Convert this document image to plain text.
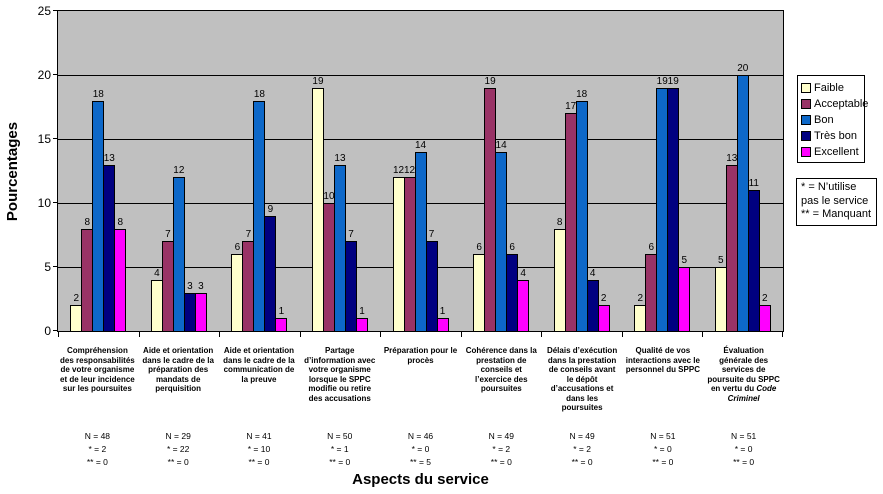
Pourcentages
25
20
15
10
5
0
2
8
18
13
8
4
7
12
3 3
6
7
18
9
1
19
10
13
7
1
12 12
14
7
1
6
19
14
6
4
8
17
18
4
2	2
6
19 19
5	5
13
20
11
2
Compréhension des responsabilités de votre organisme et de leur incidence sur les poursuites
Aide et orientation dans le cadre de la préparation des mandats de perquisition
Aide et orientation dans le cadre de la communication de la preuve
Partage d’information avec votre organisme lorsque le SPPC modifie ou retire des accusations
Préparation pour le procès
Cohérence dans la prestation de conseils et l’exercice des poursuites
Délais d’exécution dans la prestation de conseils avant le dépôt d’accusations et dans les poursuites
Qualité de vos interactions avec le personnel du SPPC
Évaluation générale des services de poursuite du SPPC en vertu du Code Criminel
N = 48
* = 2
** = 0
N = 29
* = 22
** = 0
N = 41
* = 10
** = 0
N = 50
* = 1
** = 0
N = 46
* = 0
** = 5
N = 49
* = 2
** = 0
N = 49
* = 2
** = 0
N = 51
* = 0
** = 0
N = 51
* = 0
** = 0
Aspects du service
Faible
Acceptable
Bon
Très bon
Excellent
* = N’utilise pas le service
** = Manquant
